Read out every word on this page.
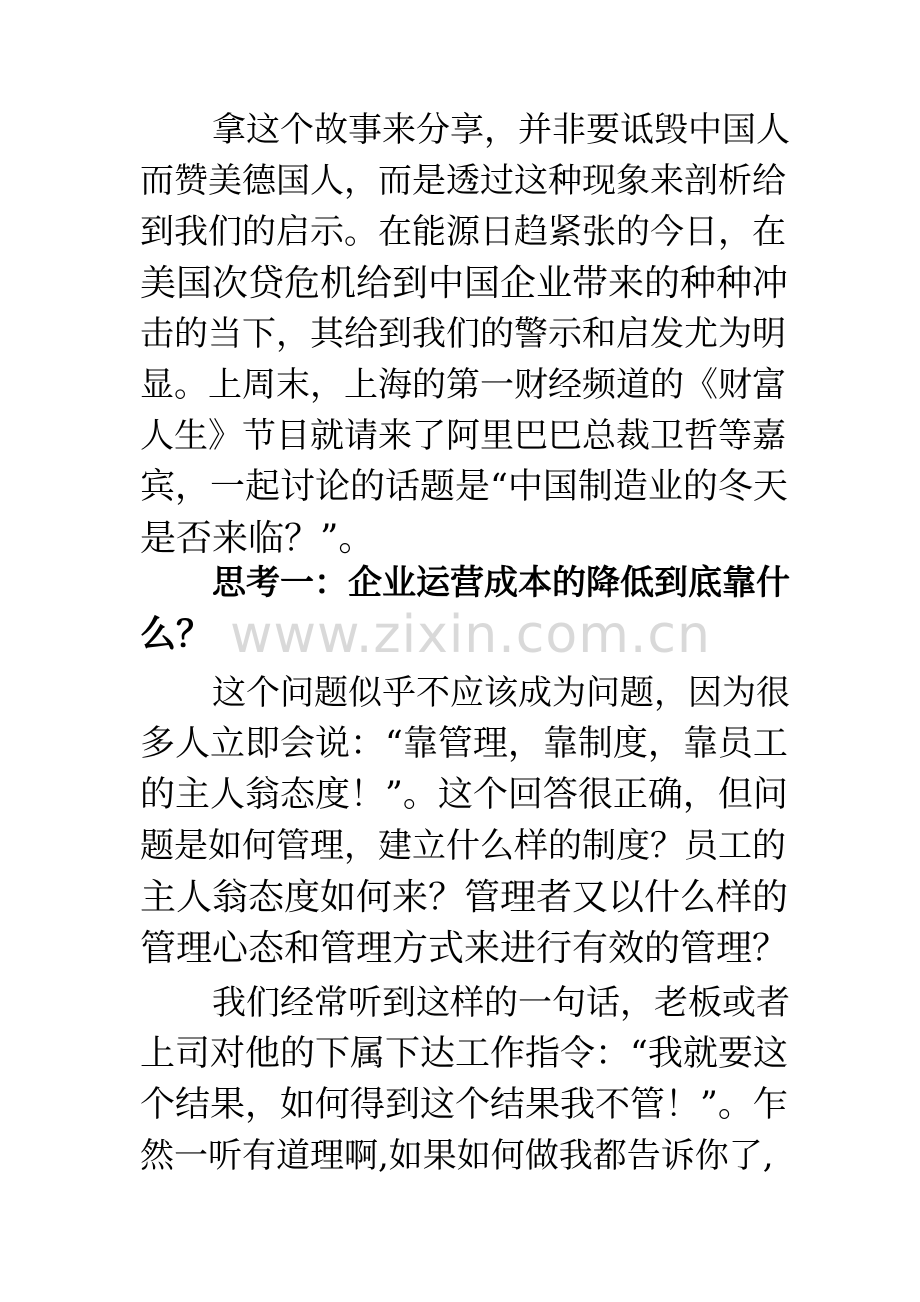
拿这个故事来分享，并非要诋毁中国人
而赞美德国人，而是透过这种现象来剖析给
到我们的启示。在能源日趋紧张的今日，在
美国次贷危机给到中国企业带来的种种冲
击的当下，其给到我们的警示和启发尤为明
显。上周末，上海的第一财经频道的《财富
人生》节目就请来了阿里巴巴总裁卫哲等嘉
宾，一起讨论的话题是“中国制造业的冬天
是否来临？”。
思考一：企业运营成本的降低到底靠什
么？ www.zixin.com.cn
这个问题似乎不应该成为问题，因为很
多人立即会说：“靠管理，靠制度，靠员工
的主人翁态度！”。这个回答很正确，但问
题是如何管理，建立什么样的制度？员工的
主人翁态度如何来？管理者又以什么样的
管理心态和管理方式来进行有效的管理？
我们经常听到这样的一句话，老板或者
上司对他的下属下达工作指令：“我就要这
个结果，如何得到这个结果我不管！”。乍
然一听有道理啊,如果如何做我都告诉你了,
